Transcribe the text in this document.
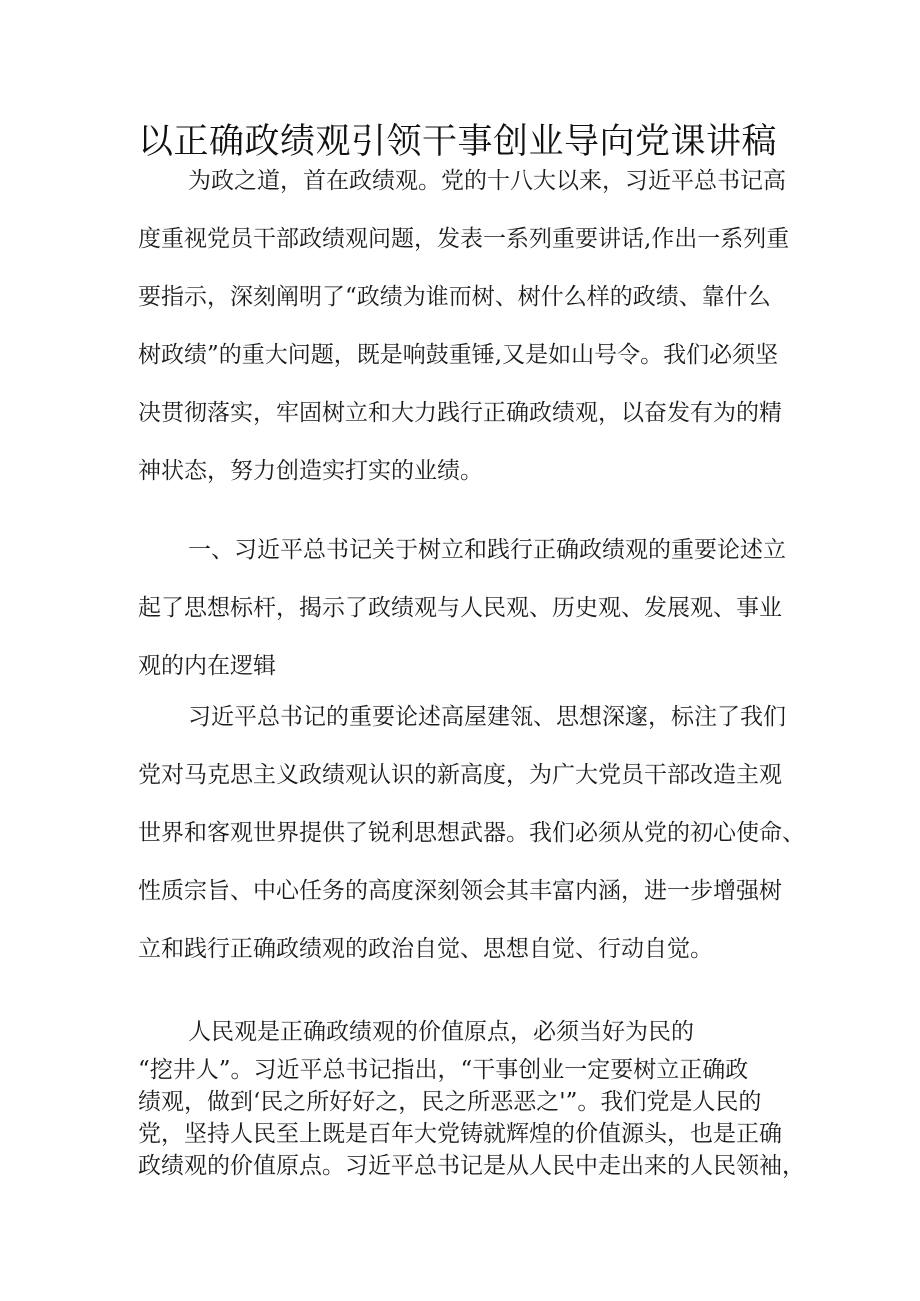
以正确政绩观引领干事创业导向党课讲稿
为政之道，首在政绩观。党的十八大以来，习近平总书记高
度重视党员干部政绩观问题，发表一系列重要讲话,作出一系列重
要指示，深刻阐明了“政绩为谁而树、树什么样的政绩、靠什么
树政绩”的重大问题，既是响鼓重锤,又是如山号令。我们必须坚
决贯彻落实，牢固树立和大力践行正确政绩观，以奋发有为的精
神状态，努力创造实打实的业绩。
一、习近平总书记关于树立和践行正确政绩观的重要论述立
起了思想标杆，揭示了政绩观与人民观、历史观、发展观、事业
观的内在逻辑
习近平总书记的重要论述高屋建瓴、思想深邃，标注了我们
党对马克思主义政绩观认识的新高度，为广大党员干部改造主观
世界和客观世界提供了锐利思想武器。我们必须从党的初心使命、
性质宗旨、中心任务的高度深刻领会其丰富内涵，进一步增强树
立和践行正确政绩观的政治自觉、思想自觉、行动自觉。
人民观是正确政绩观的价值原点，必须当好为民的
“挖井人”。习近平总书记指出，“干事创业一定要树立正确政
绩观，做到‘民之所好好之，民之所恶恶之'”。我们党是人民的
党，坚持人民至上既是百年大党铸就辉煌的价值源头，也是正确
政绩观的价值原点。习近平总书记是从人民中走出来的人民领袖，
